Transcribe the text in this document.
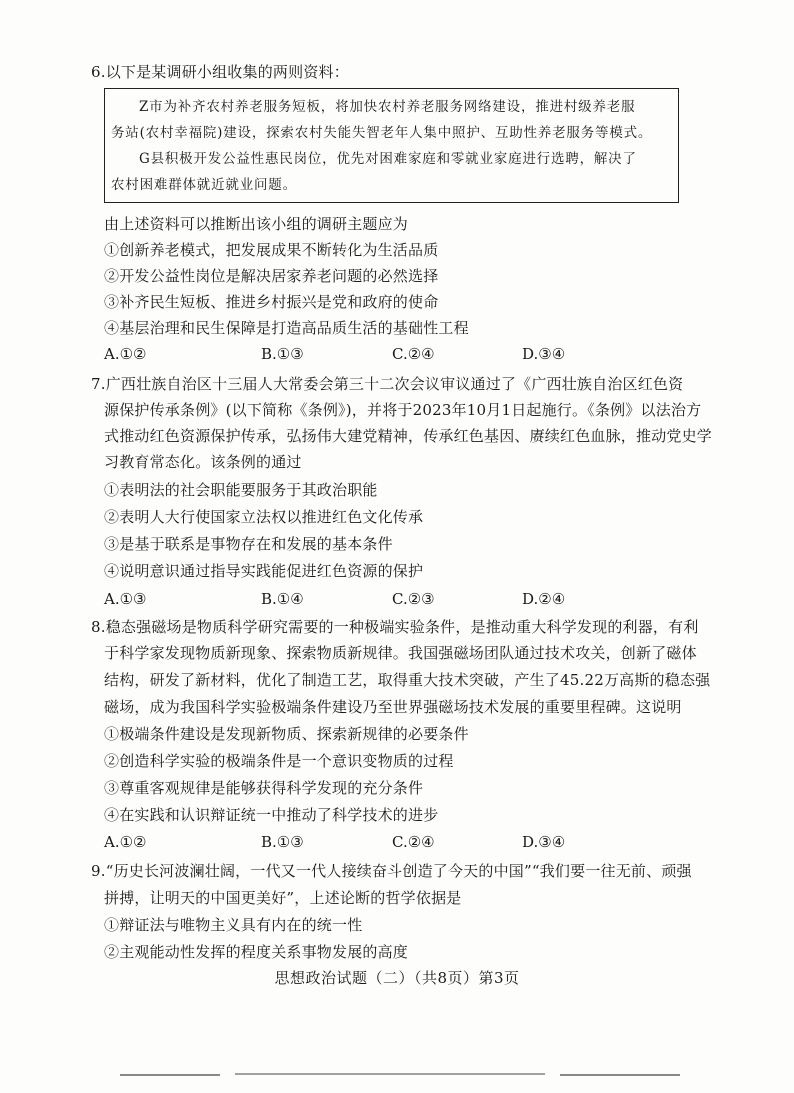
6.以下是某调研小组收集的两则资料：
Z市为补齐农村养老服务短板，将加快农村养老服务网络建设，推进村级养老服
务站(农村幸福院)建设，探索农村失能失智老年人集中照护、互助性养老服务等模式。
G县积极开发公益性惠民岗位，优先对困难家庭和零就业家庭进行选聘，解决了
农村困难群体就近就业问题。
由上述资料可以推断出该小组的调研主题应为
①创新养老模式，把发展成果不断转化为生活品质
②开发公益性岗位是解决居家养老问题的必然选择
③补齐民生短板、推进乡村振兴是党和政府的使命
④基层治理和民生保障是打造高品质生活的基础性工程
A.①②	B.①③	C.②④	D.③④
7.广西壮族自治区十三届人大常委会第三十二次会议审议通过了《广西壮族自治区红色资
源保护传承条例》(以下简称《条例》)，并将于2023年10月1日起施行。《条例》以法治方
式推动红色资源保护传承，弘扬伟大建党精神，传承红色基因、赓续红色血脉，推动党史学
习教育常态化。该条例的通过
①表明法的社会职能要服务于其政治职能
②表明人大行使国家立法权以推进红色文化传承
③是基于联系是事物存在和发展的基本条件
④说明意识通过指导实践能促进红色资源的保护
A.①③	B.①④	C.②③	D.②④
8.稳态强磁场是物质科学研究需要的一种极端实验条件，是推动重大科学发现的利器，有利
于科学家发现物质新现象、探索物质新规律。我国强磁场团队通过技术攻关，创新了磁体
结构，研发了新材料，优化了制造工艺，取得重大技术突破，产生了45.22万高斯的稳态强
磁场，成为我国科学实验极端条件建设乃至世界强磁场技术发展的重要里程碑。这说明
①极端条件建设是发现新物质、探索新规律的必要条件
②创造科学实验的极端条件是一个意识变物质的过程
③尊重客观规律是能够获得科学发现的充分条件
④在实践和认识辩证统一中推动了科学技术的进步
A.①②	B.①③	C.②④	D.③④
9.“历史长河波澜壮阔，一代又一代人接续奋斗创造了今天的中国”“我们要一往无前、顽强
拼搏，让明天的中国更美好”，上述论断的哲学依据是
①辩证法与唯物主义具有内在的统一性
②主观能动性发挥的程度关系事物发展的高度
思想政治试题（二）（共8页）第3页
